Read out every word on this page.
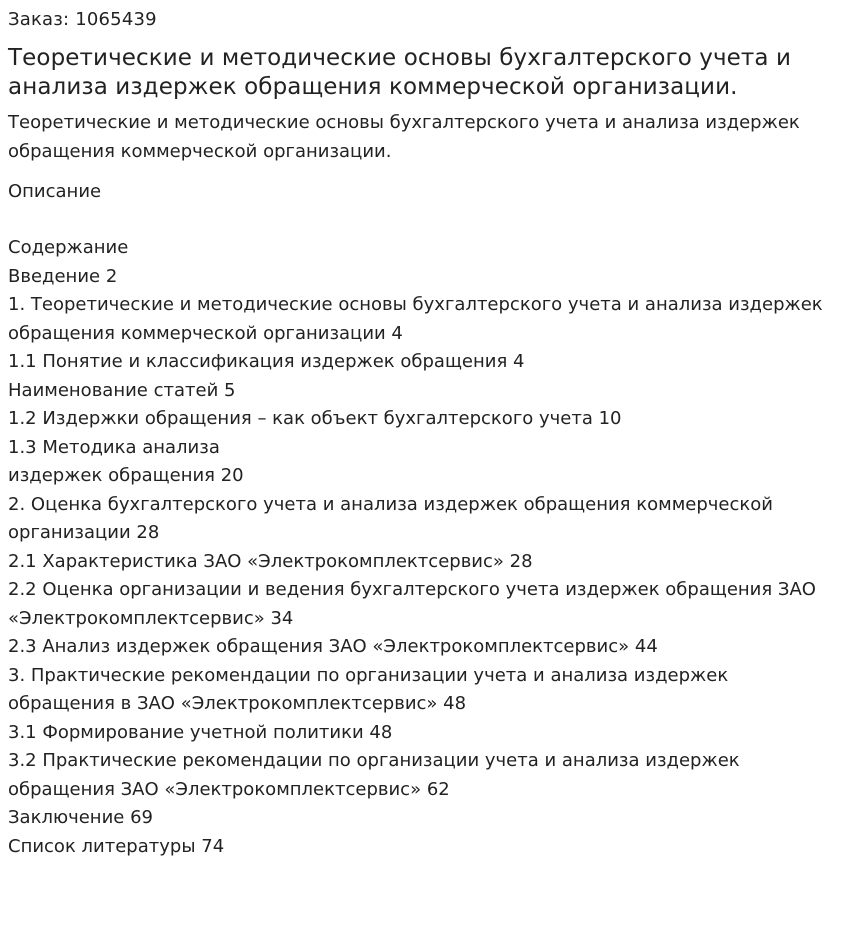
Заказ: 1065439
Теоретические и методические основы бухгалтерского учета и анализа издержек обращения коммерческой организации.
Теоретические и методические основы бухгалтерского учета и анализа издержек обращения коммерческой организации.
Описание

Содержание

Введение 2

1. Теоретические и методические основы бухгалтерского учета и анализа издержек обращения коммерческой организации 4

1.1 Понятие и классификация издержек обращения 4

Наименование статей 5

1.2 Издержки обращения – как объект бухгалтерского учета 10

1.3 Методика анализа

издержек обращения 20

2. Оценка бухгалтерского учета и анализа издержек обращения коммерческой организации 28

2.1 Характеристика ЗАО «Электрокомплектсервис» 28

2.2 Оценка организации и ведения бухгалтерского учета издержек обращения ЗАО «Электрокомплектсервис» 34

2.3 Анализ издержек обращения ЗАО «Электрокомплектсервис» 44

3. Практические рекомендации по организации учета и анализа издержек обращения в ЗАО «Электрокомплектсервис» 48

3.1 Формирование учетной политики 48

3.2 Практические рекомендации по организации учета и анализа издержек обращения ЗАО «Электрокомплектсервис» 62

Заключение 69

Список литературы 74
